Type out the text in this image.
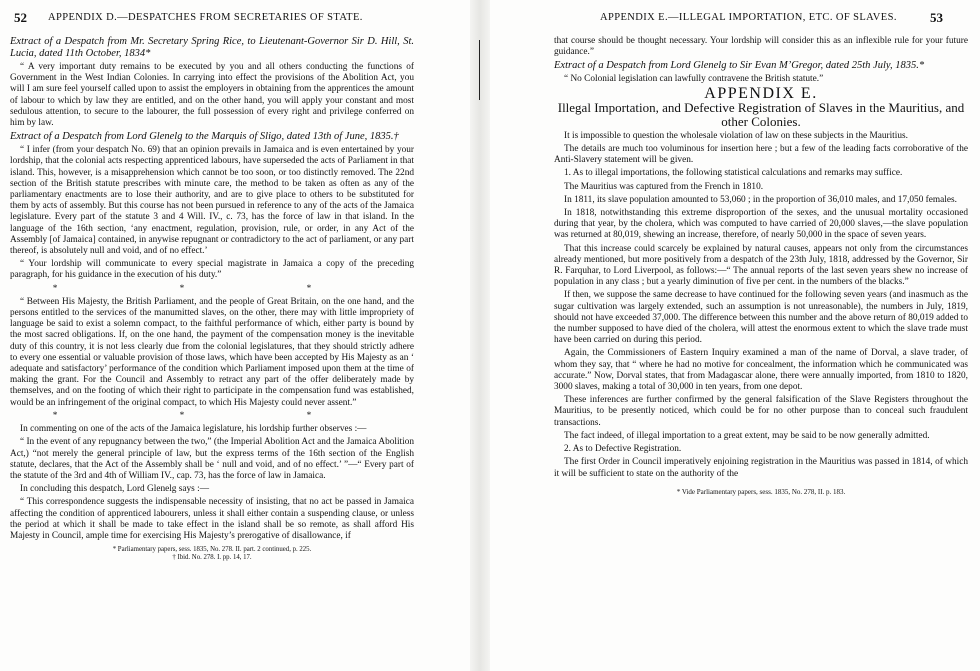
52 APPENDIX D.—DESPATCHES FROM SECRETARIES OF STATE.

Extract of a Despatch from Mr. Secretary Spring Rice, to Lieutenant-Governor Sir D. Hill, St. Lucia, dated 11th October, 1834*

“ A very important duty remains to be executed by you and all others conducting the functions of Government in the West Indian Colonies. In carrying into effect the provisions of the Abolition Act, you will I am sure feel yourself called upon to assist the employers in obtaining from the apprentices the amount of labour to which by law they are entitled, and on the other hand, you will apply your constant and most sedulous attention, to secure to the labourer, the full possession of every right and privilege conferred on him by law.

Extract of a Despatch from Lord Glenelg to the Marquis of Sligo, dated 13th of June, 1835.†

“ I infer (from your despatch No. 69) that an opinion prevails in Jamaica and is even entertained by your lordship, that the colonial acts respecting apprenticed labours, have superseded the acts of Parliament in that island. This, however, is a misapprehension which cannot be too soon, or too distinctly removed. The 22nd section of the British statute prescribes with minute care, the method to be taken as often as any of the parliamentary enactments are to lose their authority, and are to give place to others to be substituted for them by acts of assembly. But this course has not been pursued in reference to any of the acts of the Jamaica legislature. Every part of the statute 3 and 4 Will. IV., c. 73, has the force of law in that island. In the language of the 16th section, ‘any enactment, regulation, provision, rule, or order, in any Act of the Assembly [of Jamaica] contained, in anywise repugnant or contradictory to the act of parliament, or any part thereof, is absolutely null and void, and of no effect.’

“ Your lordship will communicate to every special magistrate in Jamaica a copy of the preceding paragraph, for his guidance in the execution of his duty.”

* * *

“ Between His Majesty, the British Parliament, and the people of Great Britain, on the one hand, and the persons entitled to the services of the manumitted slaves, on the other, there may with little impropriety of language be said to exist a solemn compact, to the faithful performance of which, either party is bound by the most sacred obligations. If, on the one hand, the payment of the compensation money is the inevitable duty of this country, it is not less clearly due from the colonial legislatures, that they should strictly adhere to every one essential or valuable provision of those laws, which have been accepted by His Majesty as an ‘ adequate and satisfactory’ performance of the condition which Parliament imposed upon them at the time of making the grant. For the Council and Assembly to retract any part of the offer deliberately made by themselves, and on the footing of which their right to participate in the compensation fund was established, would be an infringement of the original compact, to which His Majesty could never assent.”

* * *

In commenting on one of the acts of the Jamaica legislature, his lordship further observes :—

“ In the event of any repugnancy between the two,” (the Imperial Abolition Act and the Jamaica Abolition Act,) “not merely the general principle of law, but the express terms of the 16th section of the English statute, declares, that the Act of the Assembly shall be ‘ null and void, and of no effect.’ ”—“ Every part of the statute of the 3rd and 4th of William IV., cap. 73, has the force of law in Jamaica.

In concluding this despatch, Lord Glenelg says :—

“ This correspondence suggests the indispensable necessity of insisting, that no act be passed in Jamaica affecting the condition of apprenticed labourers, unless it shall either contain a suspending clause, or unless the period at which it shall be made to take effect in the island shall be so remote, as shall afford His Majesty in Council, ample time for exercising His Majesty’s prerogative of disallowance, if

* Parliamentary papers, sess. 1835, No. 278. II. part. 2 continued, p. 225.
† Ibid. No. 278. I. pp. 14, 17.
APPENDIX E.—ILLEGAL IMPORTATION, ETC. OF SLAVES.	53

that course should be thought necessary. Your lordship will consider this as an inflexible rule for your future guidance.”

Extract of a Despatch from Lord Glenelg to Sir Evan M’Gregor, dated 25th July, 1835.*

“ No Colonial legislation can lawfully contravene the British statute.”

APPENDIX E.

Illegal Importation, and Defective Registration of Slaves in the Mauritius, and other Colonies.

It is impossible to question the wholesale violation of law on these subjects in the Mauritius.

The details are much too voluminous for insertion here ; but a few of the leading facts corroborative of the Anti-Slavery statement will be given.

1. As to illegal importations, the following statistical calculations and remarks may suffice.

The Mauritius was captured from the French in 1810.

In 1811, its slave population amounted to 53,060 ; in the proportion of 36,010 males, and 17,050 females.

In 1818, notwithstanding this extreme disproportion of the sexes, and the unusual mortality occasioned during that year, by the cholera, which was computed to have carried of 20,000 slaves,—the slave population was returned at 80,019, shewing an increase, therefore, of nearly 50,000 in the space of seven years.

That this increase could scarcely be explained by natural causes, appears not only from the circumstances already mentioned, but more positively from a despatch of the 23th July, 1818, addressed by the Governor, Sir R. Farquhar, to Lord Liverpool, as follows:—“ The annual reports of the last seven years shew no increase of population in any class ; but a yearly diminution of five per cent. in the numbers of the blacks.”

If then, we suppose the same decrease to have continued for the following seven years (and inasmuch as the sugar cultivation was largely extended, such an assumption is not unreasonable), the numbers in July, 1819, should not have exceeded 37,000. The difference between this number and the above return of 80,019 added to the number supposed to have died of the cholera, will attest the enormous extent to which the slave trade must have been carried on during this period.

Again, the Commissioners of Eastern Inquiry examined a man of the name of Dorval, a slave trader, of whom they say, that “ where he had no motive for concealment, the information which he communicated was accurate.” Now, Dorval states, that from Madagascar alone, there were annually imported, from 1810 to 1820, 3000 slaves, making a total of 30,000 in ten years, from one depot.

These inferences are further confirmed by the general falsification of the Slave Registers throughout the Mauritius, to be presently noticed, which could be for no other purpose than to conceal such fraudulent transactions.

The fact indeed, of illegal importation to a great extent, may be said to be now generally admitted.

2. As to Defective Registration.

The first Order in Council imperatively enjoining registration in the Mauritius was passed in 1814, of which it will be sufficient to state on the authority of the

* Vide Parliamentary papers, sess. 1835, No. 278, II. p. 183.
